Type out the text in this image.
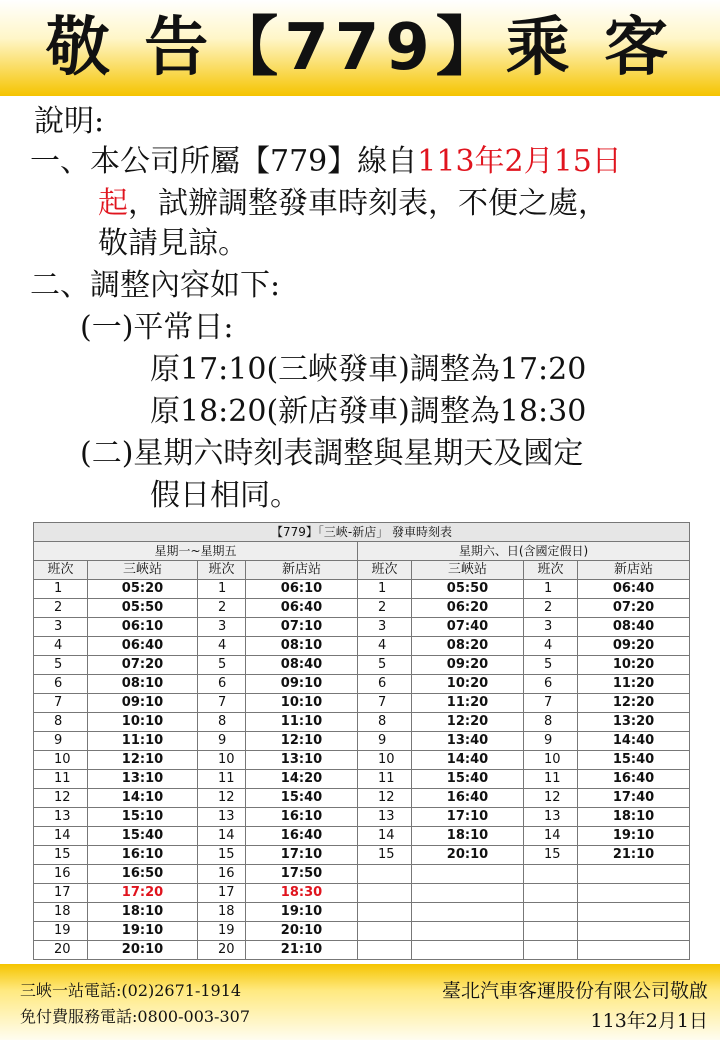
敬 告【779】乘 客
說明:
一、本公司所屬【779】線自113年2月15日
起，試辦調整發車時刻表，不便之處，
敬請見諒。
二、調整內容如下:
(一)平常日:
原17:10(三峽發車)調整為17:20
原18:20(新店發車)調整為18:30
(二)星期六時刻表調整與星期天及國定
假日相同。
【779】「三峽-新店」 發車時刻表							
星期一~星期五				星期六、日(含國定假日)			
班次	三峽站	班次	新店站	班次	三峽站	班次	新店站
1	05:20	1	06:10	1	05:50	1	06:40
2	05:50	2	06:40	2	06:20	2	07:20
3	06:10	3	07:10	3	07:40	3	08:40
4	06:40	4	08:10	4	08:20	4	09:20
5	07:20	5	08:40	5	09:20	5	10:20
6	08:10	6	09:10	6	10:20	6	11:20
7	09:10	7	10:10	7	11:20	7	12:20
8	10:10	8	11:10	8	12:20	8	13:20
9	11:10	9	12:10	9	13:40	9	14:40
10	12:10	10	13:10	10	14:40	10	15:40
11	13:10	11	14:20	11	15:40	11	16:40
12	14:10	12	15:40	12	16:40	12	17:40
13	15:10	13	16:10	13	17:10	13	18:10
14	15:40	14	16:40	14	18:10	14	19:10
15	16:10	15	17:10	15	20:10	15	21:10
16	16:50	16	17:50				
17	17:20	17	18:30				
18	18:10	18	19:10				
19	19:10	19	20:10				
20	20:10	20	21:10				
三峽一站電話:(02)2671-1914
免付費服務電話:0800-003-307
臺北汽車客運股份有限公司敬啟
113年2月1日
